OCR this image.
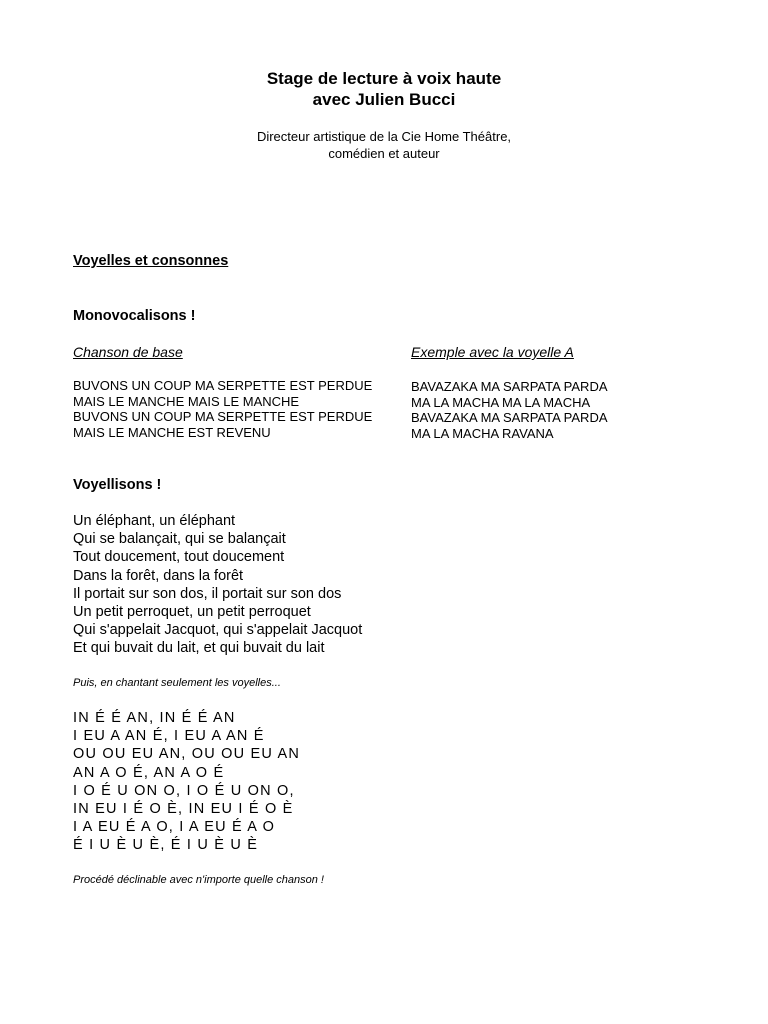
Stage de lecture à voix haute
avec Julien Bucci
Directeur artistique de la Cie Home Théâtre,
comédien et auteur
Voyelles et consonnes
Monovocalisons !
Chanson de base	Exemple avec la voyelle A
BUVONS UN COUP MA SERPETTE EST PERDUE
MAIS LE MANCHE MAIS LE MANCHE
BUVONS UN COUP MA SERPETTE EST PERDUE
MAIS LE MANCHE EST REVENU
BAVAZAKA MA SARPATA PARDA
MA LA MACHA MA LA MACHA
BAVAZAKA MA SARPATA PARDA
MA LA MACHA RAVANA
Voyellisons !
Un éléphant, un éléphant
Qui se balançait, qui se balançait
Tout doucement, tout doucement
Dans la forêt, dans la forêt
Il portait sur son dos, il portait sur son dos
Un petit perroquet, un petit perroquet
Qui s'appelait Jacquot, qui s'appelait Jacquot
Et qui buvait du lait, et qui buvait du lait
Puis, en chantant seulement les voyelles...
IN É É AN, IN É É AN
I EU A AN É, I EU A AN É
OU OU EU AN, OU OU EU AN
AN A O É, AN A O É
I O É U ON O, I O É U ON O,
IN EU I É O È, IN EU I É O È
I A EU É A O, I A EU É A O
É I U È U È, É I U È U È
Procédé déclinable avec n'importe quelle chanson !
